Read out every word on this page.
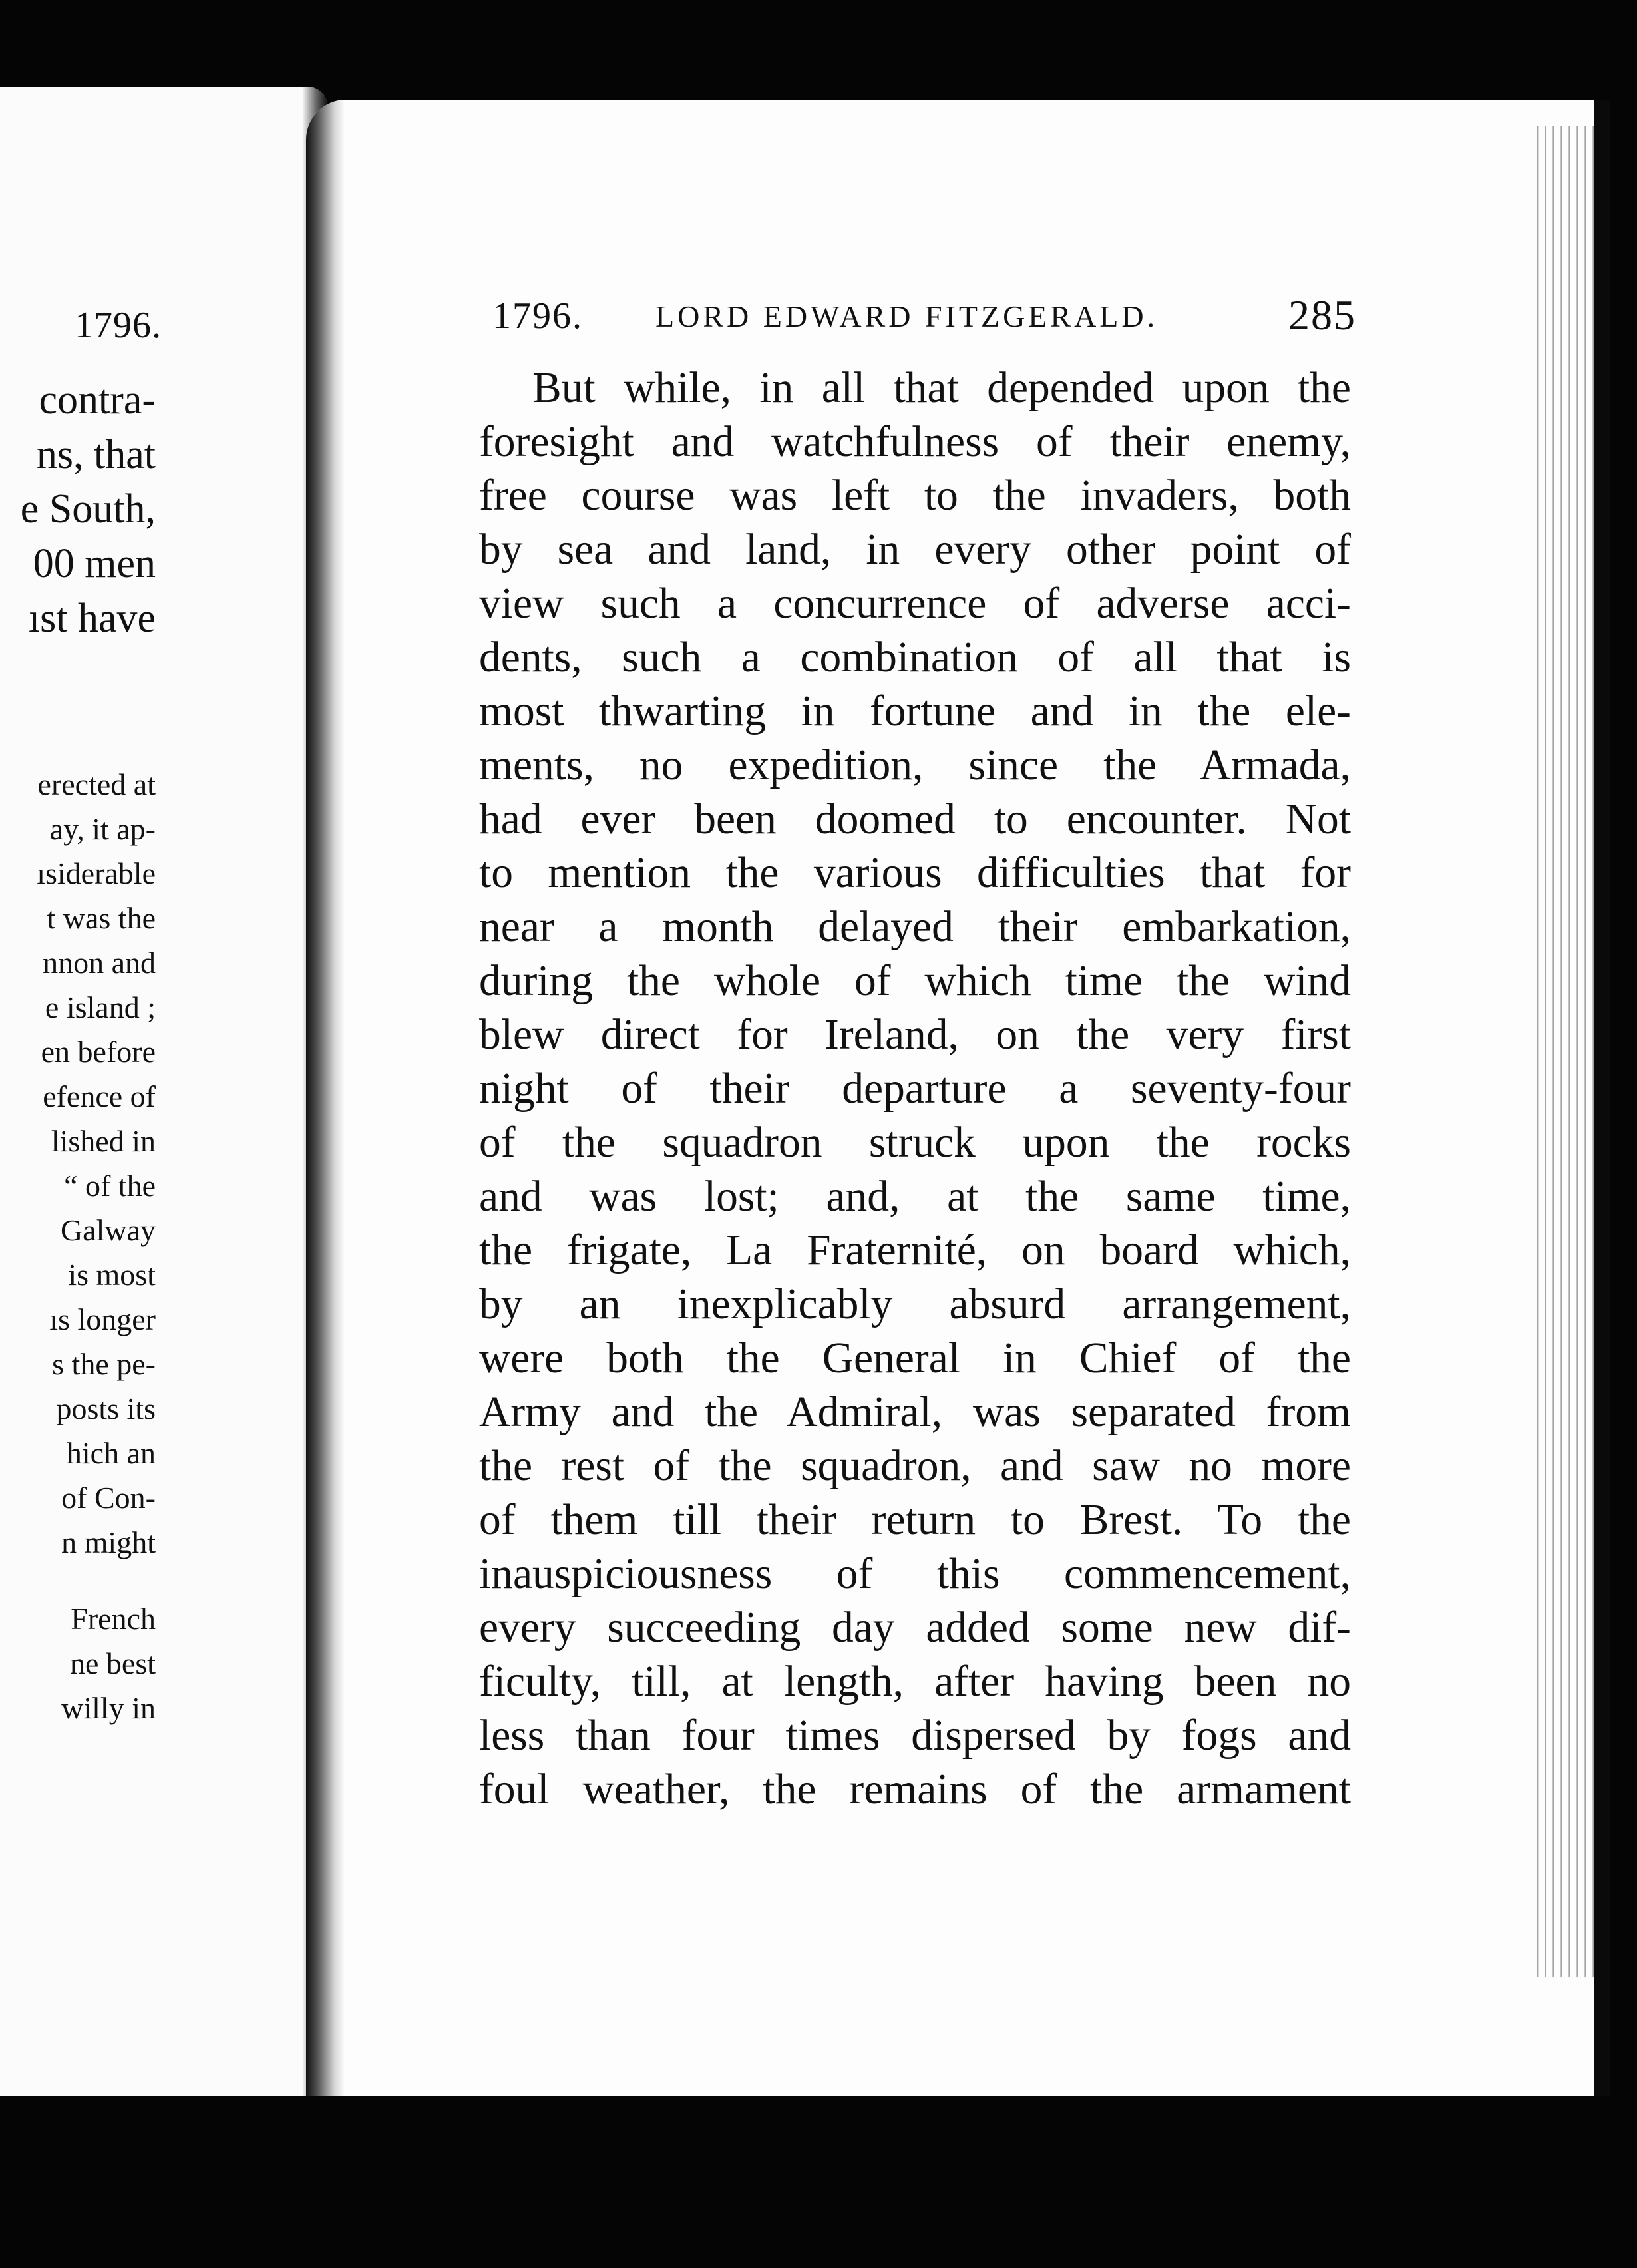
1796.
contra-
ns, that
e South,
00 men
ıst have
erected at
ay, it ap-
ısiderable
t was the
nnon and
e island ;
en before
efence of
lished in
“ of the
Galway
is most
ıs longer
s the pe-
posts its
hich an
of Con-
n might
French
ne best
willy in
1796. LORD EDWARD FITZGERALD.	285
But while, in all that depended upon the
foresight and watchfulness of their enemy,
free course was left to the invaders, both
by sea and land, in every other point of
view such a concurrence of adverse acci-
dents, such a combination of all that is
most thwarting in fortune and in the ele-
ments, no expedition, since the Armada,
had ever been doomed to encounter. Not
to mention the various difficulties that for
near a month delayed their embarkation,
during the whole of which time the wind
blew direct for Ireland, on the very first
night of their departure a seventy-four
of the squadron struck upon the rocks
and was lost; and, at the same time,
the frigate, La Fraternité, on board which,
by an inexplicably absurd arrangement,
were both the General in Chief of the
Army and the Admiral, was separated from
the rest of the squadron, and saw no more
of them till their return to Brest. To the
inauspiciousness of this commencement,
every succeeding day added some new dif-
ficulty, till, at length, after having been no
less than four times dispersed by fogs and
foul weather, the remains of the armament
